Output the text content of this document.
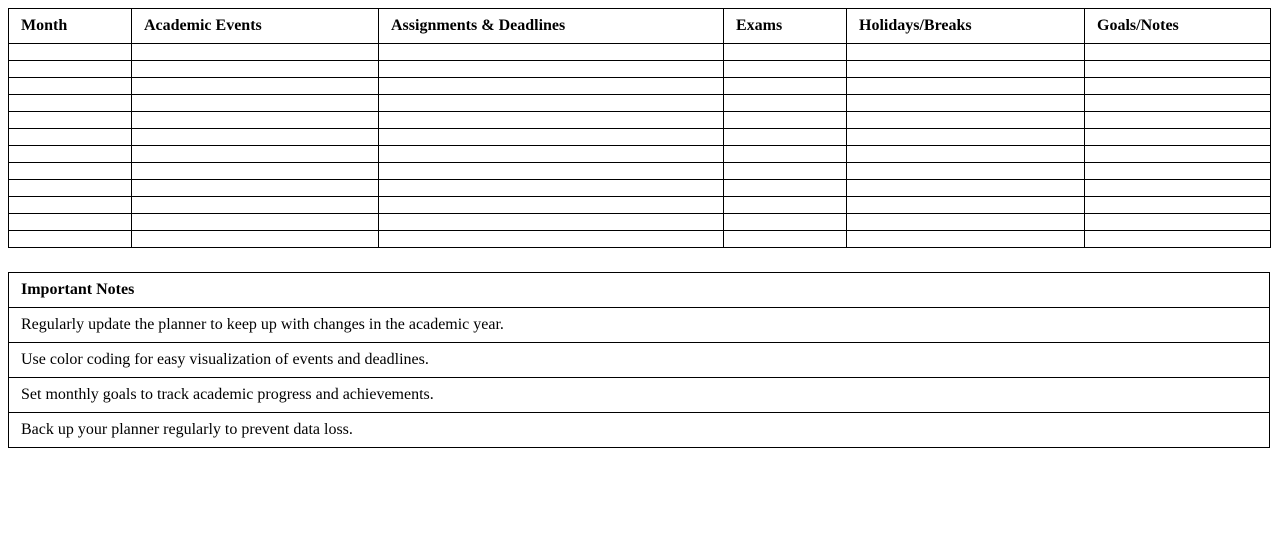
Month	Academic Events	Assignments & Deadlines	Exams	Holidays/Breaks	Goals/Notes

Important Notes
Regularly update the planner to keep up with changes in the academic year.
Use color coding for easy visualization of events and deadlines.
Set monthly goals to track academic progress and achievements.
Back up your planner regularly to prevent data loss.
